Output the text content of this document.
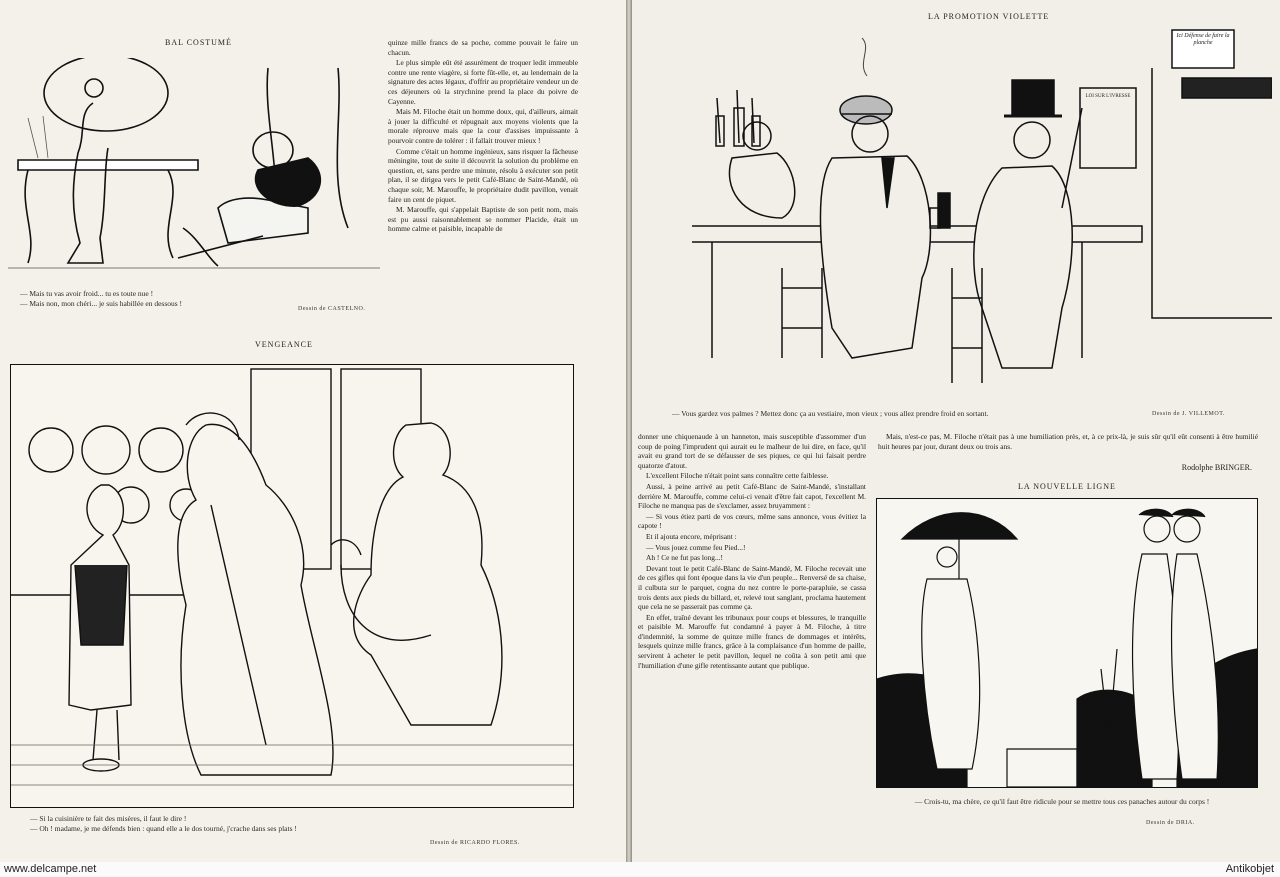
BAL COSTUMÉ
— Mais tu vas avoir froid... tu es toute nue !
— Mais non, mon chéri... je suis habillée en dessous !
Dessin de CASTELNO.

quinze mille francs de sa poche, comme pouvait le faire un chacun.

Le plus simple eût été assurément de troquer ledit immeuble contre une rente viagère, si forte fût-elle, et, au lendemain de la signature des actes légaux, d'offrir au propriétaire vendeur un de ces déjeuners où la strychnine prend la place du poivre de Cayenne.

Mais M. Filoche était un homme doux, qui, d'ailleurs, aimait à jouer la difficulté et répugnait aux moyens violents que la morale réprouve mais que la cour d'assises impuissante à pourvoir contre de tolérer : il fallait trouver mieux !

Comme c'était un homme ingénieux, sans risquer la fâcheuse méningite, tout de suite il découvrit la solution du problème en question, et, sans perdre une minute, résolu à exécuter son petit plan, il se dirigea vers le petit Café-Blanc de Saint-Mandé, où chaque soir, M. Marouffe, le propriétaire dudit pavillon, venait faire un cent de piquet.

M. Marouffe, qui s'appelait Baptiste de son petit nom, mais est pu aussi raisonnablement se nommer Placide, était un homme calme et paisible, incapable de

VENGEANCE
— Si la cuisinière te fait des misères, il faut le dire !
— Oh ! madame, je me défends bien : quand elle a le dos tourné, j'crache dans ses plats !
Dessin de RICARDO FLORES.
LA PROMOTION VIOLETTE
Ici Défense de faire la planche
LOI SUR L'IVRESSE
— Vous gardez vos palmes ? Mettez donc ça au vestiaire, mon vieux ; vous allez prendre froid en sortant.	Dessin de J. VILLEMOT.

donner une chiquenaude à un hanneton, mais susceptible d'assommer d'un coup de poing l'imprudent qui aurait eu le malheur de lui dire, en face, qu'il avait eu grand tort de se défausser de ses piques, ce qui lui faisait perdre quatorze d'atout.

L'excellent Filoche n'était point sans connaître cette faiblesse.

Aussi, à peine arrivé au petit Café-Blanc de Saint-Mandé, s'installant derrière M. Marouffe, comme celui-ci venait d'être fait capot, l'excellent M. Filoche ne manqua pas de s'exclamer, assez bruyamment :

— Si vous étiez parti de vos cœurs, même sans annonce, vous évitiez la capote !

Et il ajouta encore, méprisant :

— Vous jouez comme feu Pied...!

Ah ! Ce ne fut pas long...!

Devant tout le petit Café-Blanc de Saint-Mandé, M. Filoche recevait une de ces gifles qui font époque dans la vie d'un peuple... Renversé de sa chaise, il culbuta sur le parquet, cogna du nez contre le porte-parapluie, se cassa trois dents aux pieds du billard, et, relevé tout sanglant, proclama hautement que cela ne se passerait pas comme ça.

En effet, traîné devant les tribunaux pour coups et blessures, le tranquille et paisible M. Marouffe fut condamné à payer à M. Filoche, à titre d'indemnité, la somme de quinze mille francs de dommages et intérêts, lesquels quinze mille francs, grâce à la complaisance d'un homme de paille, servirent à acheter le petit pavillon, lequel ne coûta à son petit ami que l'humiliation d'une gifle retentissante autant que publique.

Mais, n'est-ce pas, M. Filoche n'était pas à une humiliation près, et, à ce prix-là, je suis sûr qu'il eût consenti à être humilié huit heures par jour, durant deux ou trois ans.

Rodolphe BRINGER.
LA NOUVELLE LIGNE
— Crois-tu, ma chère, ce qu'il faut être ridicule pour se mettre tous ces panaches autour du corps !
Dessin de DRIA.
www.delcampe.net	Antikobjet
